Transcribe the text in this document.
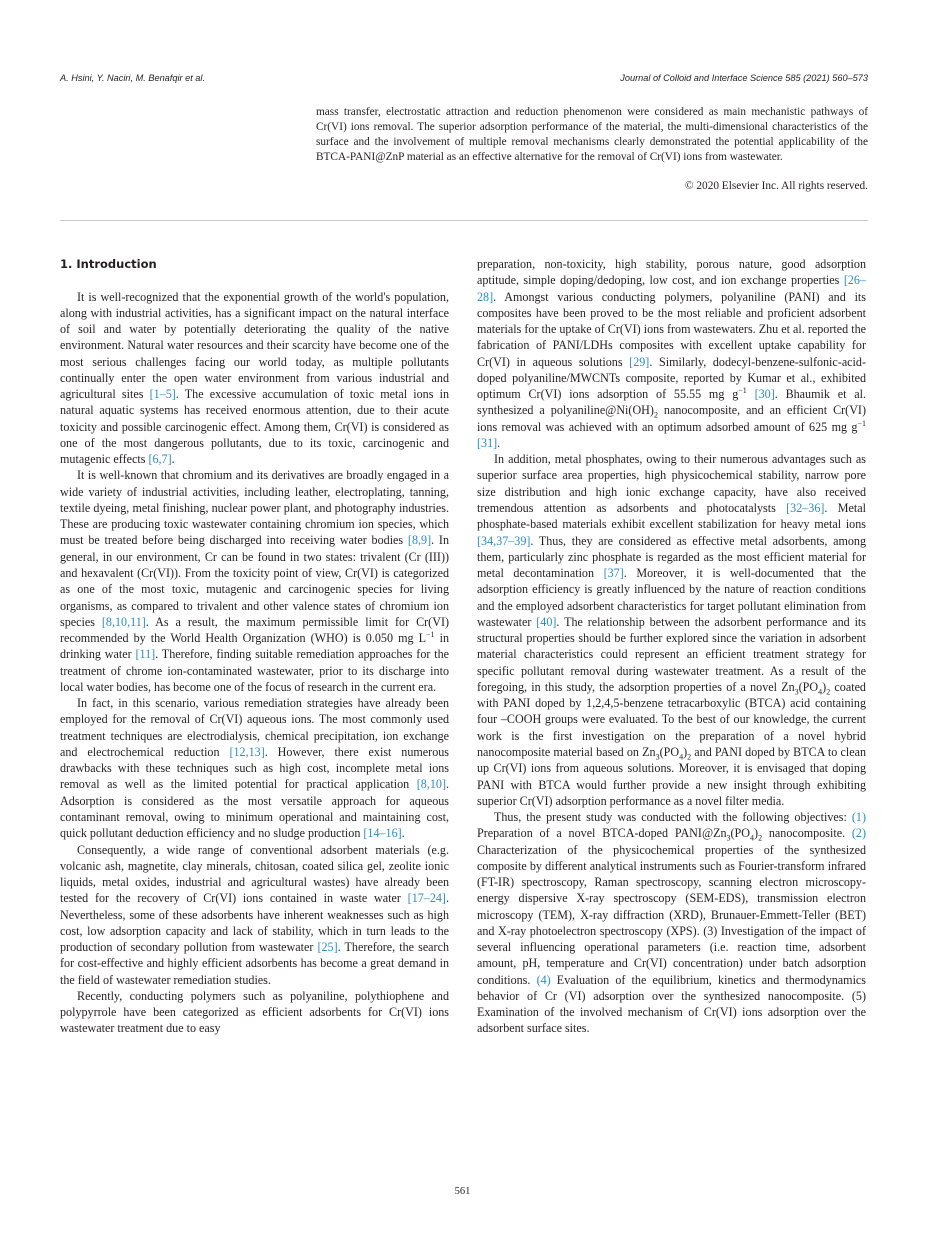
A. Hsini, Y. Naciri, M. Benafqir et al.	Journal of Colloid and Interface Science 585 (2021) 560–573
mass transfer, electrostatic attraction and reduction phenomenon were considered as main mechanistic pathways of Cr(VI) ions removal. The superior adsorption performance of the material, the multi-dimensional characteristics of the surface and the involvement of multiple removal mechanisms clearly demonstrated the potential applicability of the BTCA-PANI@ZnP material as an effective alternative for the removal of Cr(VI) ions from wastewater.
© 2020 Elsevier Inc. All rights reserved.
1. Introduction

It is well-recognized that the exponential growth of the world's population, along with industrial activities, has a significant impact on the natural interface of soil and water by potentially deteriorating the quality of the native environment. Natural water resources and their scarcity have become one of the most serious challenges facing our world today, as multiple pollutants continually enter the open water environment from various industrial and agricultural sites [1–5]. The excessive accumulation of toxic metal ions in natural aquatic systems has received enormous attention, due to their acute toxicity and possible carcinogenic effect. Among them, Cr(VI) is considered as one of the most dangerous pollutants, due to its toxic, carcinogenic and mutagenic effects [6,7].

It is well-known that chromium and its derivatives are broadly engaged in a wide variety of industrial activities, including leather, electroplating, tanning, textile dyeing, metal finishing, nuclear power plant, and photography industries. These are producing toxic wastewater containing chromium ion species, which must be treated before being discharged into receiving water bodies [8,9]. In general, in our environment, Cr can be found in two states: trivalent (Cr (III)) and hexavalent (Cr(VI)). From the toxicity point of view, Cr(VI) is categorized as one of the most toxic, mutagenic and carcinogenic species for living organisms, as compared to trivalent and other valence states of chromium ion species [8,10,11]. As a result, the maximum permissible limit for Cr(VI) recommended by the World Health Organization (WHO) is 0.050 mg $L^{-1}$ in drinking water [11]. Therefore, finding suitable remediation approaches for the treatment of chrome ion-contaminated wastewater, prior to its discharge into local water bodies, has become one of the focus of research in the current era.

In fact, in this scenario, various remediation strategies have already been employed for the removal of Cr(VI) aqueous ions. The most commonly used treatment techniques are electrodialysis, chemical precipitation, ion exchange and electrochemical reduction [12,13]. However, there exist numerous drawbacks with these techniques such as high cost, incomplete metal ions removal as well as the limited potential for practical application [8,10]. Adsorption is considered as the most versatile approach for aqueous contaminant removal, owing to minimum operational and maintaining cost, quick pollutant deduction efficiency and no sludge production [14–16].

Consequently, a wide range of conventional adsorbent materials (e.g. volcanic ash, magnetite, clay minerals, chitosan, coated silica gel, zeolite ionic liquids, metal oxides, industrial and agricultural wastes) have already been tested for the recovery of Cr(VI) ions contained in waste water [17–24]. Nevertheless, some of these adsorbents have inherent weaknesses such as high cost, low adsorption capacity and lack of stability, which in turn leads to the production of secondary pollution from wastewater [25]. Therefore, the search for cost-effective and highly efficient adsorbents has become a great demand in the field of wastewater remediation studies.

Recently, conducting polymers such as polyaniline, polythiophene and polypyrrole have been categorized as efficient adsorbents for Cr(VI) ions wastewater treatment due to easy

preparation, non-toxicity, high stability, porous nature, good adsorption aptitude, simple doping/dedoping, low cost, and ion exchange properties [26–28]. Amongst various conducting polymers, polyaniline (PANI) and its composites have been proved to be the most reliable and proficient adsorbent materials for the uptake of Cr(VI) ions from wastewaters. Zhu et al. reported the fabrication of PANI/LDHs composites with excellent uptake capability for Cr(VI) in aqueous solutions [29]. Similarly, dodecyl-benzene-sulfonic-acid-doped polyaniline/MWCNTs composite, reported by Kumar et al., exhibited optimum Cr(VI) ions adsorption of 55.55 mg $g^{-1}$ [30]. Bhaumik et al. synthesized a $polyaniline@Ni(OH)_2$ nanocomposite, and an efficient Cr(VI) ions removal was achieved with an optimum adsorbed amount of 625 mg $g^{-1}$ [31].

In addition, metal phosphates, owing to their numerous advantages such as superior surface area properties, high physicochemical stability, narrow pore size distribution and high ionic exchange capacity, have also received tremendous attention as adsorbents and photocatalysts [32–36]. Metal phosphate-based materials exhibit excellent stabilization for heavy metal ions [34,37–39]. Thus, they are considered as effective metal adsorbents, among them, particularly zinc phosphate is regarded as the most efficient material for metal decontamination [37]. Moreover, it is well-documented that the adsorption efficiency is greatly influenced by the nature of reaction conditions and the employed adsorbent characteristics for target pollutant elimination from wastewater [40]. The relationship between the adsorbent performance and its structural properties should be further explored since the variation in adsorbent material characteristics could represent an efficient treatment strategy for specific pollutant removal during wastewater treatment. As a result of the foregoing, in this study, the adsorption properties of a novel $Zn_3(PO_4)_2$ coated with PANI doped by 1,2,4,5-benzene tetracarboxylic (BTCA) acid containing four –COOH groups were evaluated. To the best of our knowledge, the current work is the first investigation on the preparation of a novel hybrid nanocomposite material based on $Zn_3(PO_4)_2$ and PANI doped by BTCA to clean up Cr(VI) ions from aqueous solutions. Moreover, it is envisaged that doping PANI with BTCA would further provide a new insight through exhibiting superior Cr(VI) adsorption performance as a novel filter media.

Thus, the present study was conducted with the following objectives: (1) Preparation of a novel BTCA-doped $PANI@Zn_3(PO_4)_2$ nanocomposite. (2) Characterization of the physicochemical properties of the synthesized composite by different analytical instruments such as Fourier-transform infrared (FT-IR) spectroscopy, Raman spectroscopy, scanning electron microscopy-energy dispersive X-ray spectroscopy (SEM-EDS), transmission electron microscopy (TEM), X-ray diffraction (XRD), Brunauer-Emmett-Teller (BET) and X-ray photoelectron spectroscopy (XPS). (3) Investigation of the impact of several influencing operational parameters (i.e. reaction time, adsorbent amount, pH, temperature and Cr(VI) concentration) under batch adsorption conditions. (4) Evaluation of the equilibrium, kinetics and thermodynamics behavior of Cr (VI) adsorption over the synthesized nanocomposite. (5) Examination of the involved mechanism of Cr(VI) ions adsorption over the adsorbent surface sites.

561
